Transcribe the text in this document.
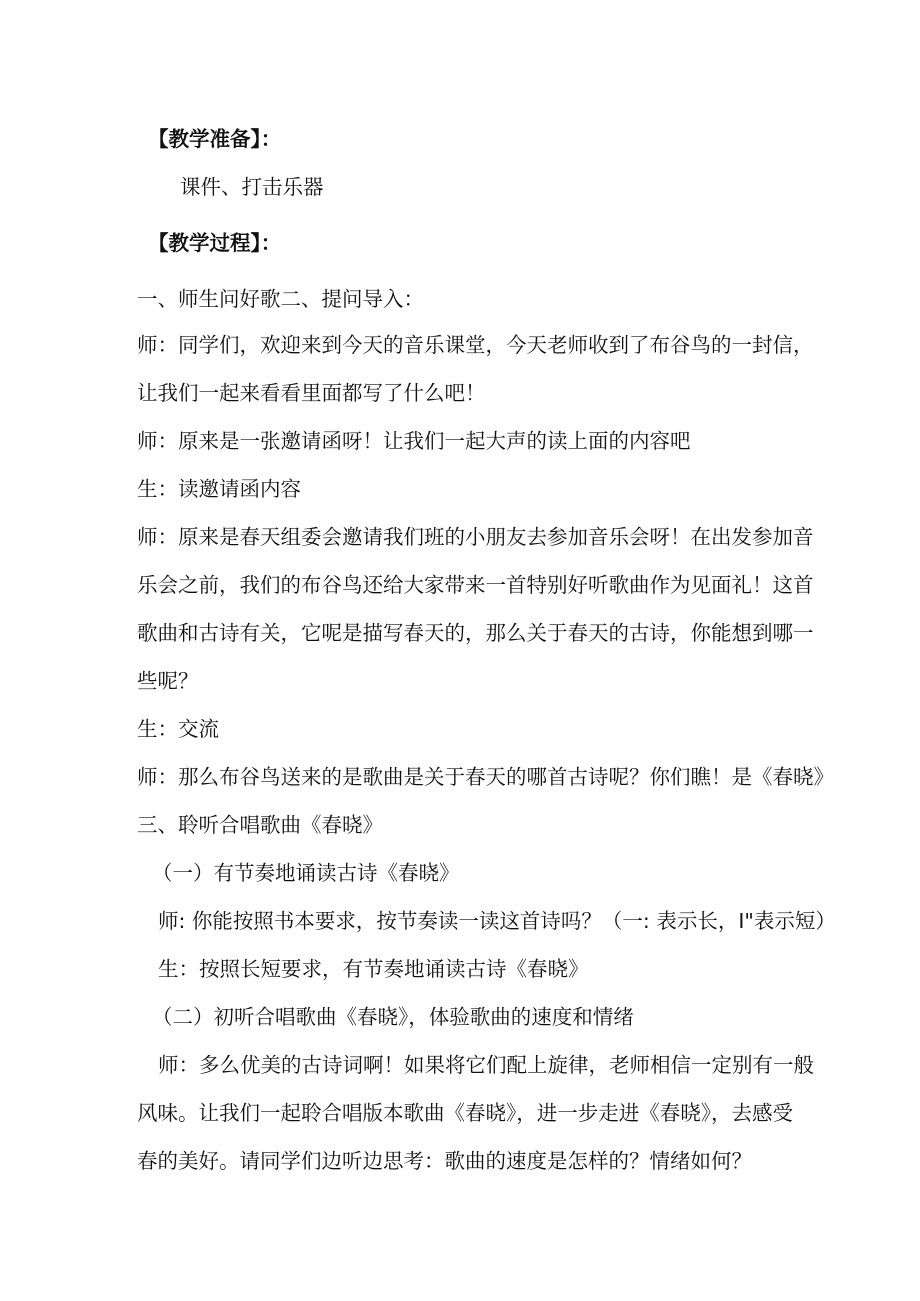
【教学准备】：
课件、打击乐器
【教学过程】：
一、师生问好歌二、提问导入：
师：同学们，欢迎来到今天的音乐课堂，今天老师收到了布谷鸟的一封信，
让我们一起来看看里面都写了什么吧！
师：原来是一张邀请函呀！让我们一起大声的读上面的内容吧
生：读邀请函内容
师：原来是春天组委会邀请我们班的小朋友去参加音乐会呀！在出发参加音
乐会之前，我们的布谷鸟还给大家带来一首特别好听歌曲作为见面礼！这首
歌曲和古诗有关，它呢是描写春天的，那么关于春天的古诗，你能想到哪一
些呢？
生：交流
师：那么布谷鸟送来的是歌曲是关于春天的哪首古诗呢？你们瞧！是《春晓》
三、聆听合唱歌曲《春晓》
（一）有节奏地诵读古诗《春晓》
师: 你能按照书本要求，按节奏读一读这首诗吗？（一: 表示长，I"表示短）
生：按照长短要求，有节奏地诵读古诗《春晓》
（二）初听合唱歌曲《春晓》，体验歌曲的速度和情绪
师：多么优美的古诗词啊！如果将它们配上旋律，老师相信一定别有一般
风味。让我们一起聆合唱版本歌曲《春晓》，进一步走进《春晓》，去感受
春的美好。请同学们边听边思考：歌曲的速度是怎样的？情绪如何？
